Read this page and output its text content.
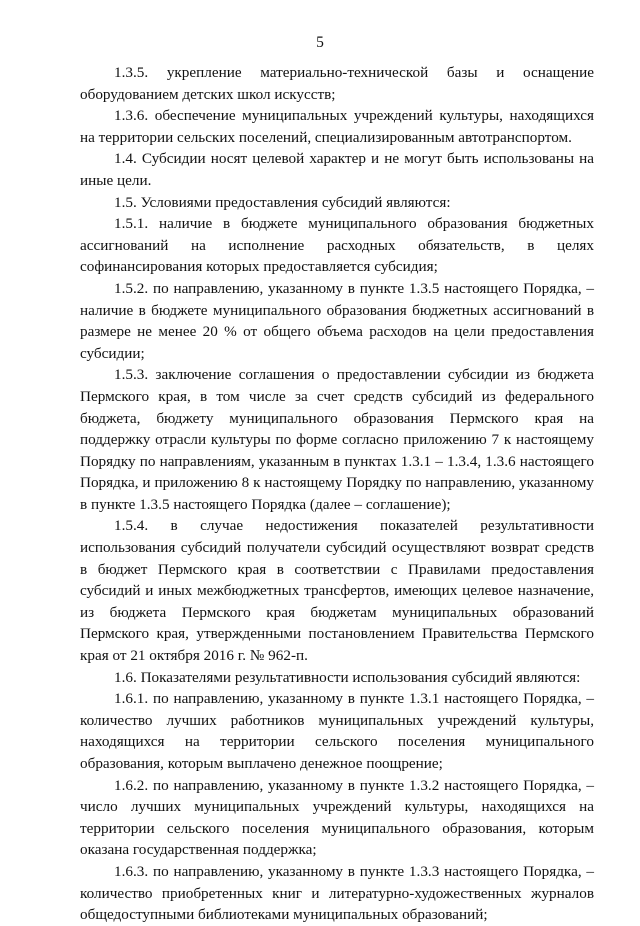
5

1.3.5. укрепление материально-технической базы и оснащение оборудованием детских школ искусств;

1.3.6. обеспечение муниципальных учреждений культуры, находящихся на территории сельских поселений, специализированным автотранспортом.

1.4. Субсидии носят целевой характер и не могут быть использованы на иные цели.

1.5. Условиями предоставления субсидий являются:

1.5.1. наличие в бюджете муниципального образования бюджетных ассигнований на исполнение расходных обязательств, в целях софинансирования которых предоставляется субсидия;

1.5.2. по направлению, указанному в пункте 1.3.5 настоящего Порядка, – наличие в бюджете муниципального образования бюджетных ассигнований в размере не менее 20 % от общего объема расходов на цели предоставления субсидии;

1.5.3. заключение соглашения о предоставлении субсидии из бюджета Пермского края, в том числе за счет средств субсидий из федерального бюджета, бюджету муниципального образования Пермского края на поддержку отрасли культуры по форме согласно приложению 7 к настоящему Порядку по направлениям, указанным в пунктах 1.3.1 – 1.3.4, 1.3.6 настоящего Порядка, и приложению 8 к настоящему Порядку по направлению, указанному в пункте 1.3.5 настоящего Порядка (далее – соглашение);

1.5.4. в случае недостижения показателей результативности использования субсидий получатели субсидий осуществляют возврат средств в бюджет Пермского края в соответствии с Правилами предоставления субсидий и иных межбюджетных трансфертов, имеющих целевое назначение, из бюджета Пермского края бюджетам муниципальных образований Пермского края, утвержденными постановлением Правительства Пермского края от 21 октября 2016 г. № 962-п.

1.6. Показателями результативности использования субсидий являются:

1.6.1. по направлению, указанному в пункте 1.3.1 настоящего Порядка, – количество лучших работников муниципальных учреждений культуры, находящихся на территории сельского поселения муниципального образования, которым выплачено денежное поощрение;

1.6.2. по направлению, указанному в пункте 1.3.2 настоящего Порядка, – число лучших муниципальных учреждений культуры, находящихся на территории сельского поселения муниципального образования, которым оказана государственная поддержка;

1.6.3. по направлению, указанному в пункте 1.3.3 настоящего Порядка, – количество приобретенных книг и литературно-художественных журналов общедоступными библиотеками муниципальных образований;
